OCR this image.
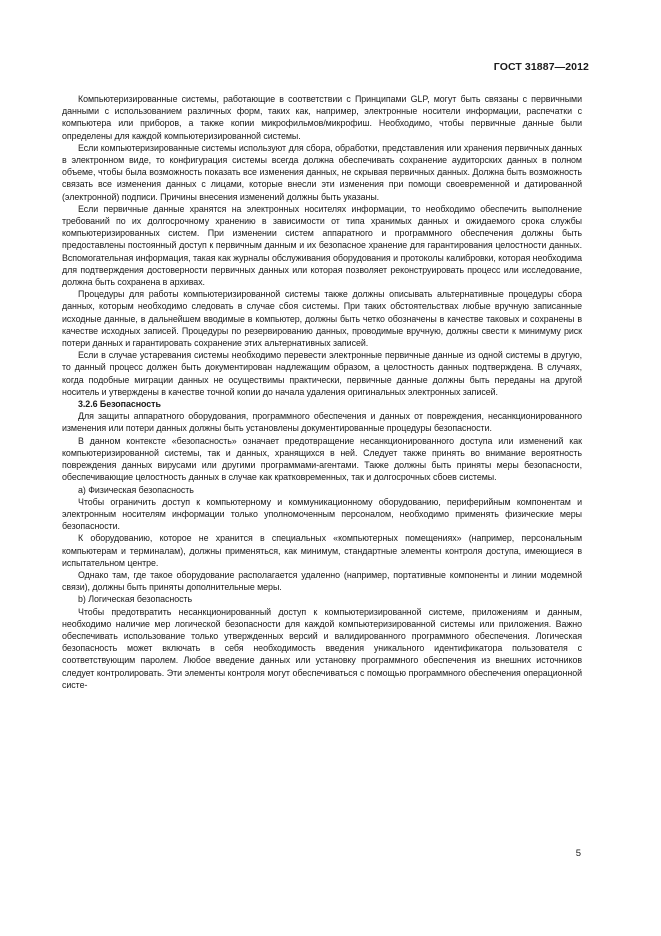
ГОСТ 31887—2012

Компьютеризированные системы, работающие в соответствии с Принципами GLP, могут быть связаны с первичными данными с использованием различных форм, таких как, например, электронные носители информации, распечатки с компьютера или приборов, а также копии микрофильмов/микрофиш. Необходимо, чтобы первичные данные были определены для каждой компьютеризированной системы.

Если компьютеризированные системы используют для сбора, обработки, представления или хранения первичных данных в электронном виде, то конфигурация системы всегда должна обеспечивать сохранение аудиторских данных в полном объеме, чтобы была возможность показать все изменения данных, не скрывая первичных данных. Должна быть возможность связать все изменения данных с лицами, которые внесли эти изменения при помощи своевременной и датированной (электронной) подписи. Причины внесения изменений должны быть указаны.

Если первичные данные хранятся на электронных носителях информации, то необходимо обеспечить выполнение требований по их долгосрочному хранению в зависимости от типа хранимых данных и ожидаемого срока службы компьютеризированных систем. При изменении систем аппаратного и программного обеспечения должны быть предоставлены постоянный доступ к первичным данным и их безопасное хранение для гарантирования целостности данных. Вспомогательная информация, такая как журналы обслуживания оборудования и протоколы калибровки, которая необходима для подтверждения достоверности первичных данных или которая позволяет реконструировать процесс или исследование, должна быть сохранена в архивах.

Процедуры для работы компьютеризированной системы также должны описывать альтернативные процедуры сбора данных, которым необходимо следовать в случае сбоя системы. При таких обстоятельствах любые вручную записанные исходные данные, в дальнейшем вводимые в компьютер, должны быть четко обозначены в качестве таковых и сохранены в качестве исходных записей. Процедуры по резервированию данных, проводимые вручную, должны свести к минимуму риск потери данных и гарантировать сохранение этих альтернативных записей.

Если в случае устаревания системы необходимо перевести электронные первичные данные из одной системы в другую, то данный процесс должен быть документирован надлежащим образом, а целостность данных подтверждена. В случаях, когда подобные миграции данных не осуществимы практически, первичные данные должны быть переданы на другой носитель и утверждены в качестве точной копии до начала удаления оригинальных электронных записей.

3.2.6 Безопасность

Для защиты аппаратного оборудования, программного обеспечения и данных от повреждения, несанкционированного изменения или потери данных должны быть установлены документированные процедуры безопасности.

В данном контексте «безопасность» означает предотвращение несанкционированного доступа или изменений как компьютеризированной системы, так и данных, хранящихся в ней. Следует также принять во внимание вероятность повреждения данных вирусами или другими программами-агентами. Также должны быть приняты меры безопасности, обеспечивающие целостность данных в случае как кратковременных, так и долгосрочных сбоев системы.

a) Физическая безопасность

Чтобы ограничить доступ к компьютерному и коммуникационному оборудованию, периферийным компонентам и электронным носителям информации только уполномоченным персоналом, необходимо применять физические меры безопасности.

К оборудованию, которое не хранится в специальных «компьютерных помещениях» (например, персональным компьютерам и терминалам), должны применяться, как минимум, стандартные элементы контроля доступа, имеющиеся в испытательном центре.

Однако там, где такое оборудование располагается удаленно (например, портативные компоненты и линии модемной связи), должны быть приняты дополнительные меры.

b) Логическая безопасность

Чтобы предотвратить несанкционированный доступ к компьютеризированной системе, приложениям и данным, необходимо наличие мер логической безопасности для каждой компьютеризированной системы или приложения. Важно обеспечивать использование только утвержденных версий и валидированного программного обеспечения. Логическая безопасность может включать в себя необходимость введения уникального идентификатора пользователя с соответствующим паролем. Любое введение данных или установку программного обеспечения из внешних источников следует контролировать. Эти элементы контроля могут обеспечиваться с помощью программного обеспечения операционной систе-

5
